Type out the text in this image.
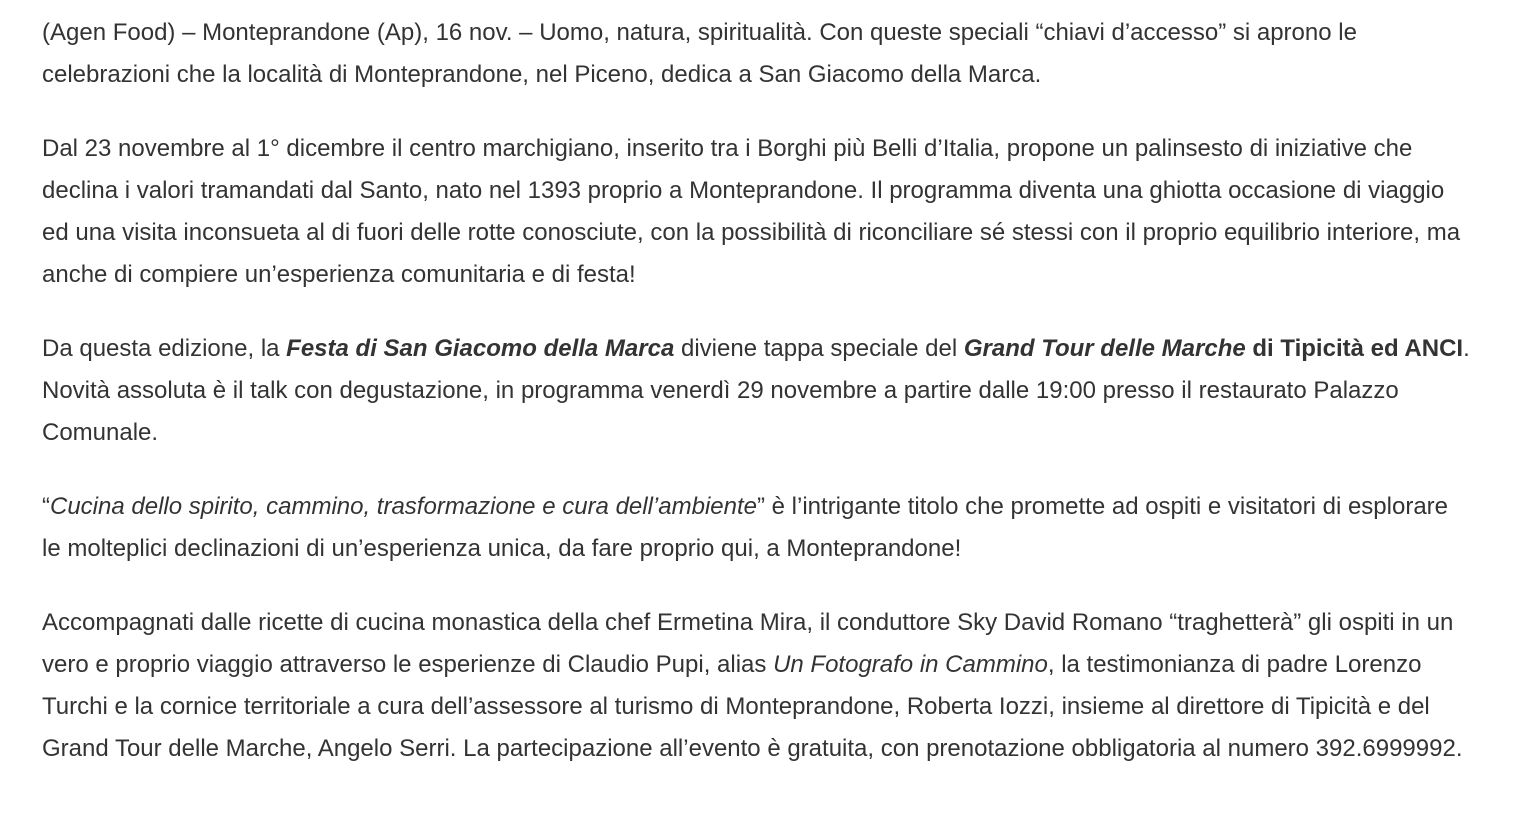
(Agen Food) – Monteprandone (Ap), 16 nov. – Uomo, natura, spiritualità. Con queste speciali “chiavi d’accesso” si aprono le celebrazioni che la località di Monteprandone, nel Piceno, dedica a San Giacomo della Marca.

Dal 23 novembre al 1° dicembre il centro marchigiano, inserito tra i Borghi più Belli d’Italia, propone un palinsesto di iniziative che declina i valori tramandati dal Santo, nato nel 1393 proprio a Monteprandone. Il programma diventa una ghiotta occasione di viaggio ed una visita inconsueta al di fuori delle rotte conosciute, con la possibilità di riconciliare sé stessi con il proprio equilibrio interiore, ma anche di compiere un’esperienza comunitaria e di festa!

Da questa edizione, la Festa di San Giacomo della Marca diviene tappa speciale del Grand Tour delle Marche di Tipicità ed ANCI. Novità assoluta è il talk con degustazione, in programma venerdì 29 novembre a partire dalle 19:00 presso il restaurato Palazzo Comunale.

“Cucina dello spirito, cammino, trasformazione e cura dell’ambiente” è l’intrigante titolo che promette ad ospiti e visitatori di esplorare le molteplici declinazioni di un’esperienza unica, da fare proprio qui, a Monteprandone!

Accompagnati dalle ricette di cucina monastica della chef Ermetina Mira, il conduttore Sky David Romano “traghetterà” gli ospiti in un vero e proprio viaggio attraverso le esperienze di Claudio Pupi, alias Un Fotografo in Cammino, la testimonianza di padre Lorenzo Turchi e la cornice territoriale a cura dell’assessore al turismo di Monteprandone, Roberta Iozzi, insieme al direttore di Tipicità e del Grand Tour delle Marche, Angelo Serri. La partecipazione all’evento è gratuita, con prenotazione obbligatoria al numero 392.6999992.
